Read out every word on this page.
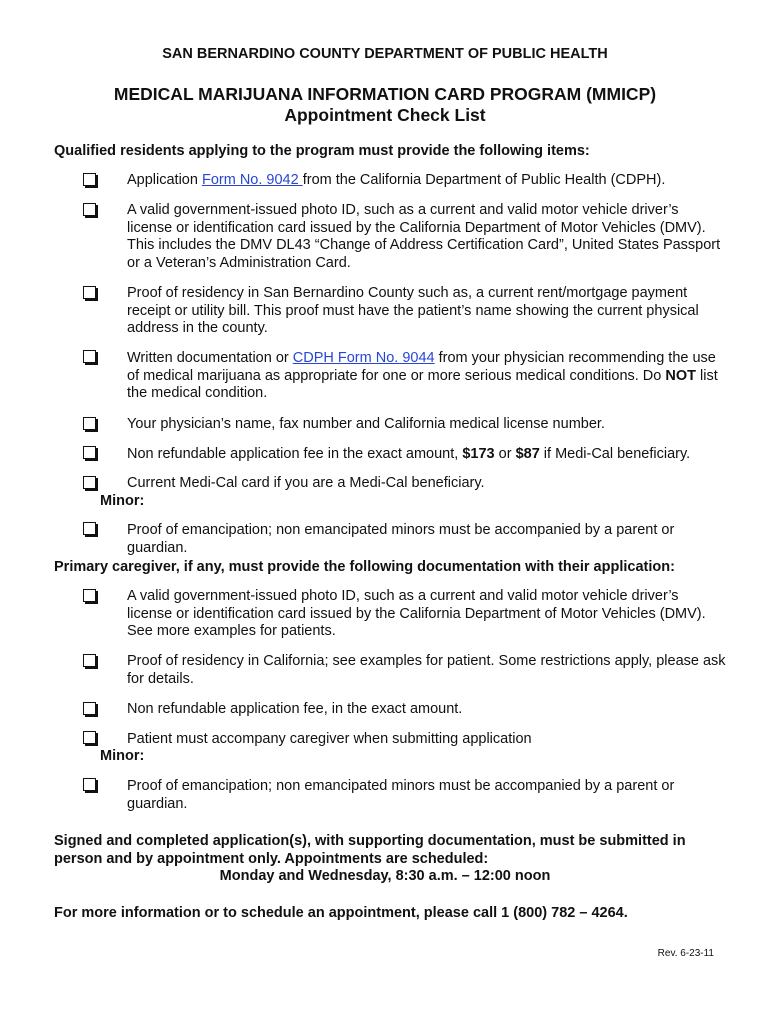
SAN BERNARDINO COUNTY DEPARTMENT OF PUBLIC HEALTH
MEDICAL MARIJUANA INFORMATION CARD PROGRAM (MMICP)
Appointment Check List
Qualified residents applying to the program must provide the following items:
Application Form No. 9042 from the California Department of Public Health (CDPH).
A valid government-issued photo ID, such as a current and valid motor vehicle driver’s license or identification card issued by the California Department of Motor Vehicles (DMV). This includes the DMV DL43 “Change of Address Certification Card”, United States Passport or a Veteran’s Administration Card.
Proof of residency in San Bernardino County such as, a current rent/mortgage payment receipt or utility bill. This proof must have the patient’s name showing the current physical address in the county.
Written documentation or CDPH Form No. 9044 from your physician recommending the use of medical marijuana as appropriate for one or more serious medical conditions. Do NOT list the medical condition.
Your physician’s name, fax number and California medical license number.
Non refundable application fee in the exact amount, $173 or $87 if Medi-Cal beneficiary.
Current Medi-Cal card if you are a Medi-Cal beneficiary.
Minor:
Proof of emancipation; non emancipated minors must be accompanied by a parent or guardian.
Primary caregiver, if any, must provide the following documentation with their application:
A valid government-issued photo ID, such as a current and valid motor vehicle driver’s license or identification card issued by the California Department of Motor Vehicles (DMV). See more examples for patients.
Proof of residency in California; see examples for patient. Some restrictions apply, please ask for details.
Non refundable application fee, in the exact amount.
Patient must accompany caregiver when submitting application
Minor:
Proof of emancipation; non emancipated minors must be accompanied by a parent or guardian.
Signed and completed application(s), with supporting documentation, must be submitted in person and by appointment only. Appointments are scheduled:
Monday and Wednesday, 8:30 a.m. – 12:00 noon
For more information or to schedule an appointment, please call 1 (800) 782 – 4264.
Rev. 6-23-11
